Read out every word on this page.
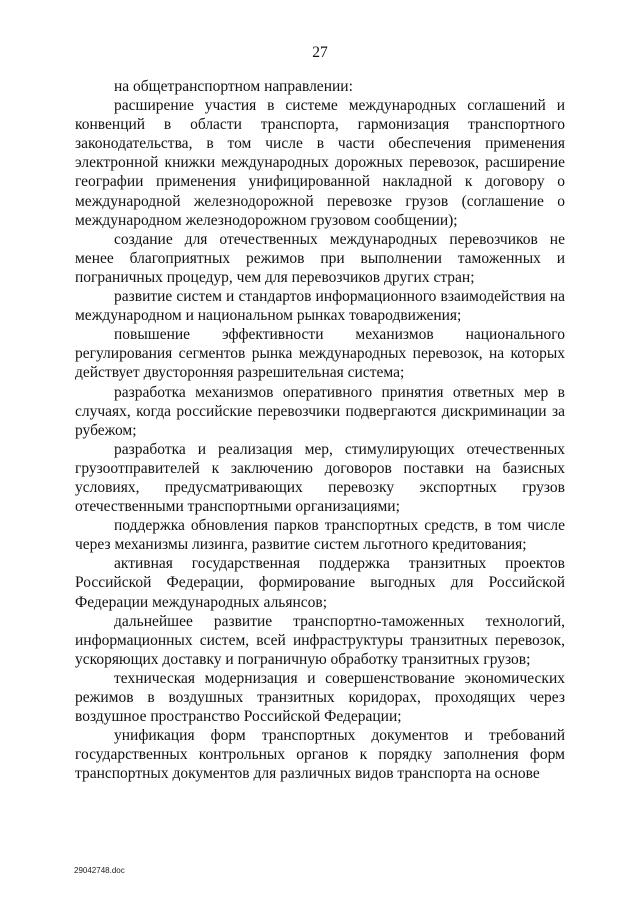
27

на общетранспортном направлении:

расширение участия в системе международных соглашений и конвенций в области транспорта, гармонизация транспортного законодательства, в том числе в части обеспечения применения электронной книжки международных дорожных перевозок, расширение географии применения унифицированной накладной к договору о международной железнодорожной перевозке грузов (соглашение о международном железнодорожном грузовом сообщении);

создание для отечественных международных перевозчиков не менее благоприятных режимов при выполнении таможенных и пограничных процедур, чем для перевозчиков других стран;

развитие систем и стандартов информационного взаимодействия на международном и национальном рынках товародвижения;

повышение эффективности механизмов национального регулирования сегментов рынка международных перевозок, на которых действует двусторонняя разрешительная система;

разработка механизмов оперативного принятия ответных мер в случаях, когда российские перевозчики подвергаются дискриминации за рубежом;

разработка и реализация мер, стимулирующих отечественных грузоотправителей к заключению договоров поставки на базисных условиях, предусматривающих перевозку экспортных грузов отечественными транспортными организациями;

поддержка обновления парков транспортных средств, в том числе через механизмы лизинга, развитие систем льготного кредитования;

активная государственная поддержка транзитных проектов Российской Федерации, формирование выгодных для Российской Федерации международных альянсов;

дальнейшее развитие транспортно-таможенных технологий, информационных систем, всей инфраструктуры транзитных перевозок, ускоряющих доставку и пограничную обработку транзитных грузов;

техническая модернизация и совершенствование экономических режимов в воздушных транзитных коридорах, проходящих через воздушное пространство Российской Федерации;

унификация форм транспортных документов и требований государственных контрольных органов к порядку заполнения форм транспортных документов для различных видов транспорта на основе

29042748.doc
